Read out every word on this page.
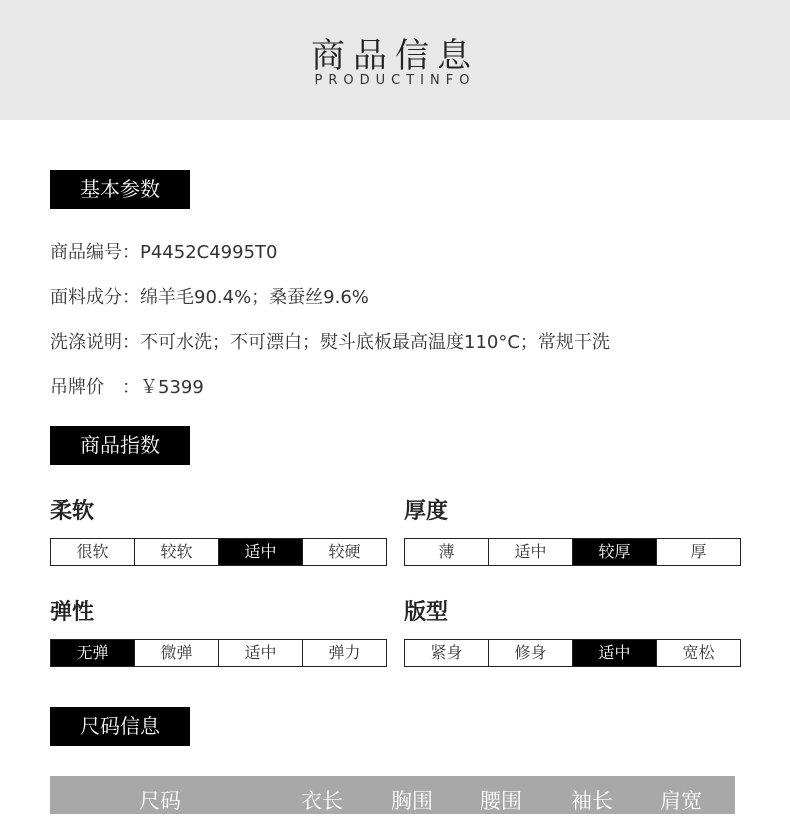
商品信息
PRODUCTINFO
基本参数
商品编号：P4452C4995T0
面料成分：绵羊毛90.4%；桑蚕丝9.6%
洗涤说明：不可水洗；不可漂白；熨斗底板最高温度110°C；常规干洗
吊牌价　：￥5399
商品指数
柔软
很软	较软	适中	较硬
厚度
薄	适中	较厚	厚
弹性
无弹	微弹	适中	弹力
版型
紧身	修身	适中	宽松
尺码信息
尺码	衣长	胸围	腰围	袖长	肩宽
